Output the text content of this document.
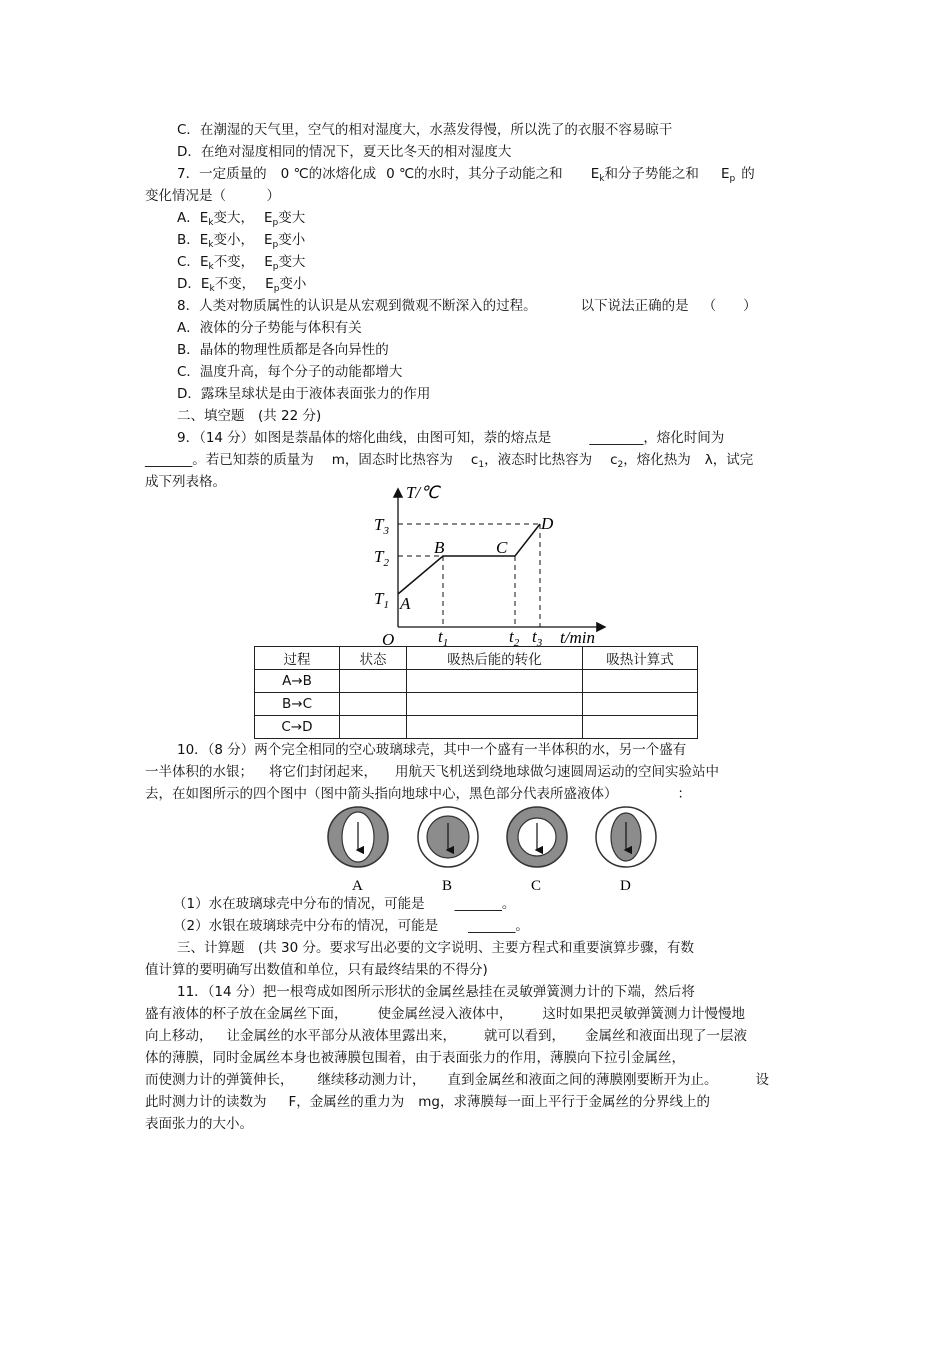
C．在潮湿的天气里，空气的相对湿度大，水蒸发得慢，所以洗了的衣服不容易晾干
D．在绝对湿度相同的情况下，夏天比冬天的相对湿度大
7．一定质量的 0 ℃的冰熔化成 0 ℃的水时，其分子动能之和 $E_k$和分子势能之和 $E_p$ 的
变化情况是（　　　）
A．$E_k$变大， $E_p$变大
B．$E_k$变小， $E_p$变小
C．$E_k$不变， $E_p$变大
D．$E_k$不变， $E_p$变小
8．人类对物质属性的认识是从宏观到微观不断深入的过程。	以下说法正确的是 （　　）
A．液体的分子势能与体积有关
B．晶体的物理性质都是各向异性的
C．温度升高，每个分子的动能都增大
D．露珠呈球状是由于液体表面张力的作用
二、填空题　(共 22 分)
9．（14 分）如图是萘晶体的熔化曲线，由图可知，萘的熔点是	________，熔化时间为
_______。若已知萘的质量为 m，固态时比热容为 $c_1$，液态时比热容为 $c_2$，熔化热为 λ，试完
成下列表格。
T/℃
t/min
O
$T_3$
$T_2$
$T_1$
$t_1$	$t_2$ $t_3$
A
B	C
D
过程	状态	吸热后能的转化	吸热计算式
A→B			
B→C			
C→D			
10．（8 分）两个完全相同的空心玻璃球壳，其中一个盛有一半体积的水，另一个盛有
一半体积的水银； 将它们封闭起来， 用航天飞机送到绕地球做匀速圆周运动的空间实验站中
去，在如图所示的四个图中（图中箭头指向地球中心，黑色部分代表所盛液体）	：
A	B	C	D
（1）水在玻璃球壳中分布的情况，可能是 _______。
（2）水银在玻璃球壳中分布的情况，可能是 _______。
三、计算题　(共 30 分。要求写出必要的文字说明、主要方程式和重要演算步骤，有数
值计算的要明确写出数值和单位，只有最终结果的不得分)
11．（14 分）把一根弯成如图所示形状的金属丝悬挂在灵敏弹簧测力计的下端，然后将
盛有液体的杯子放在金属丝下面， 使金属丝浸入液体中， 这时如果把灵敏弹簧测力计慢慢地
向上移动， 让金属丝的水平部分从液体里露出来， 就可以看到， 金属丝和液面出现了一层液
体的薄膜，同时金属丝本身也被薄膜包围着，由于表面张力的作用，薄膜向下拉引金属丝，
而使测力计的弹簧伸长， 继续移动测力计， 直到金属丝和液面之间的薄膜刚要断开为止。	设
此时测力计的读数为 F，金属丝的重力为 mg，求薄膜每一面上平行于金属丝的分界线上的
表面张力的大小。
